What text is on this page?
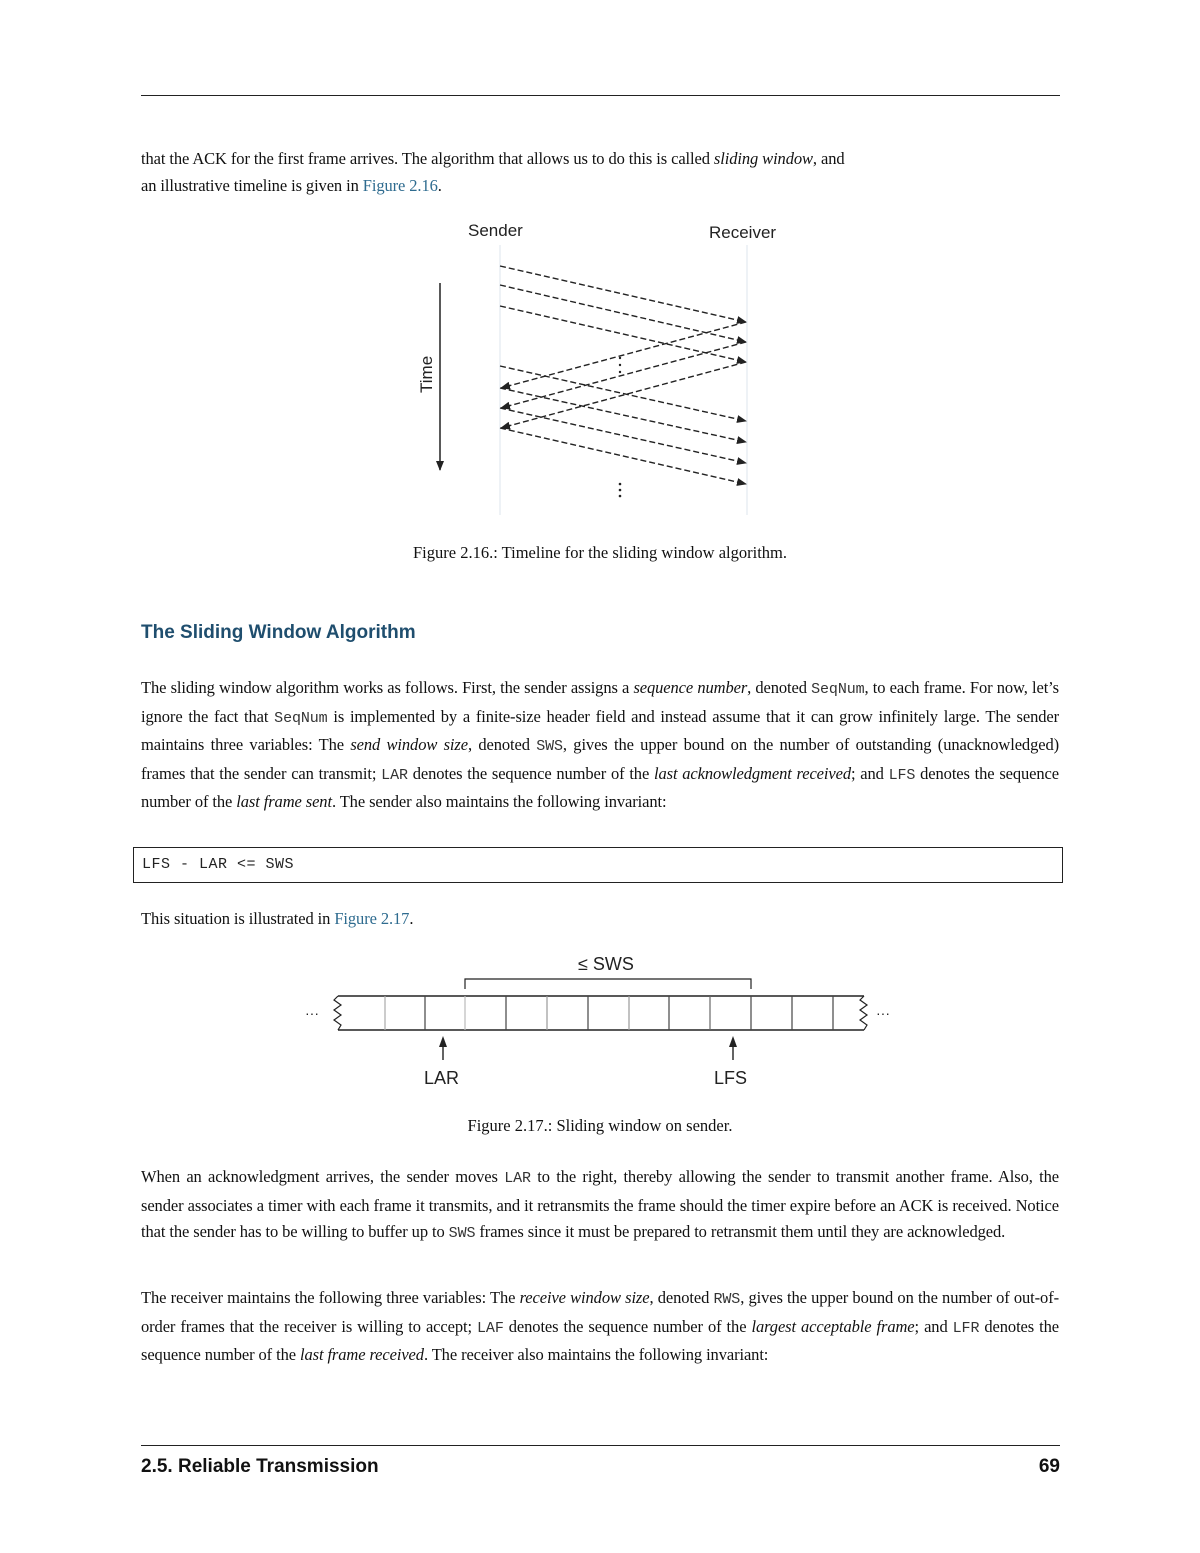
that the ACK for the first frame arrives. The algorithm that allows us to do this is called sliding window, and
an illustrative timeline is given in Figure 2.16.
Sender	Receiver
Time
Figure 2.16.: Timeline for the sliding window algorithm.
The Sliding Window Algorithm
The sliding window algorithm works as follows. First, the sender assigns a sequence number, denoted SeqNum, to each frame. For now, let’s ignore the fact that SeqNum is implemented by a finite-size header field and instead assume that it can grow infinitely large. The sender maintains three variables: The send window size, denoted SWS, gives the upper bound on the number of outstanding (unacknowledged) frames that the sender can transmit; LAR denotes the sequence number of the last acknowledgment received; and LFS denotes the sequence number of the last frame sent. The sender also maintains the following invariant:
LFS - LAR <= SWS
This situation is illustrated in Figure 2.17.
≤ SWS
···	···
LAR	LFS
Figure 2.17.: Sliding window on sender.
When an acknowledgment arrives, the sender moves LAR to the right, thereby allowing the sender to transmit another frame. Also, the sender associates a timer with each frame it transmits, and it retransmits the frame should the timer expire before an ACK is received. Notice that the sender has to be willing to buffer up to SWS frames since it must be prepared to retransmit them until they are acknowledged.
The receiver maintains the following three variables: The receive window size, denoted RWS, gives the upper bound on the number of out-of-order frames that the receiver is willing to accept; LAF denotes the sequence number of the largest acceptable frame; and LFR denotes the sequence number of the last frame received. The receiver also maintains the following invariant:
2.5. Reliable Transmission	69
